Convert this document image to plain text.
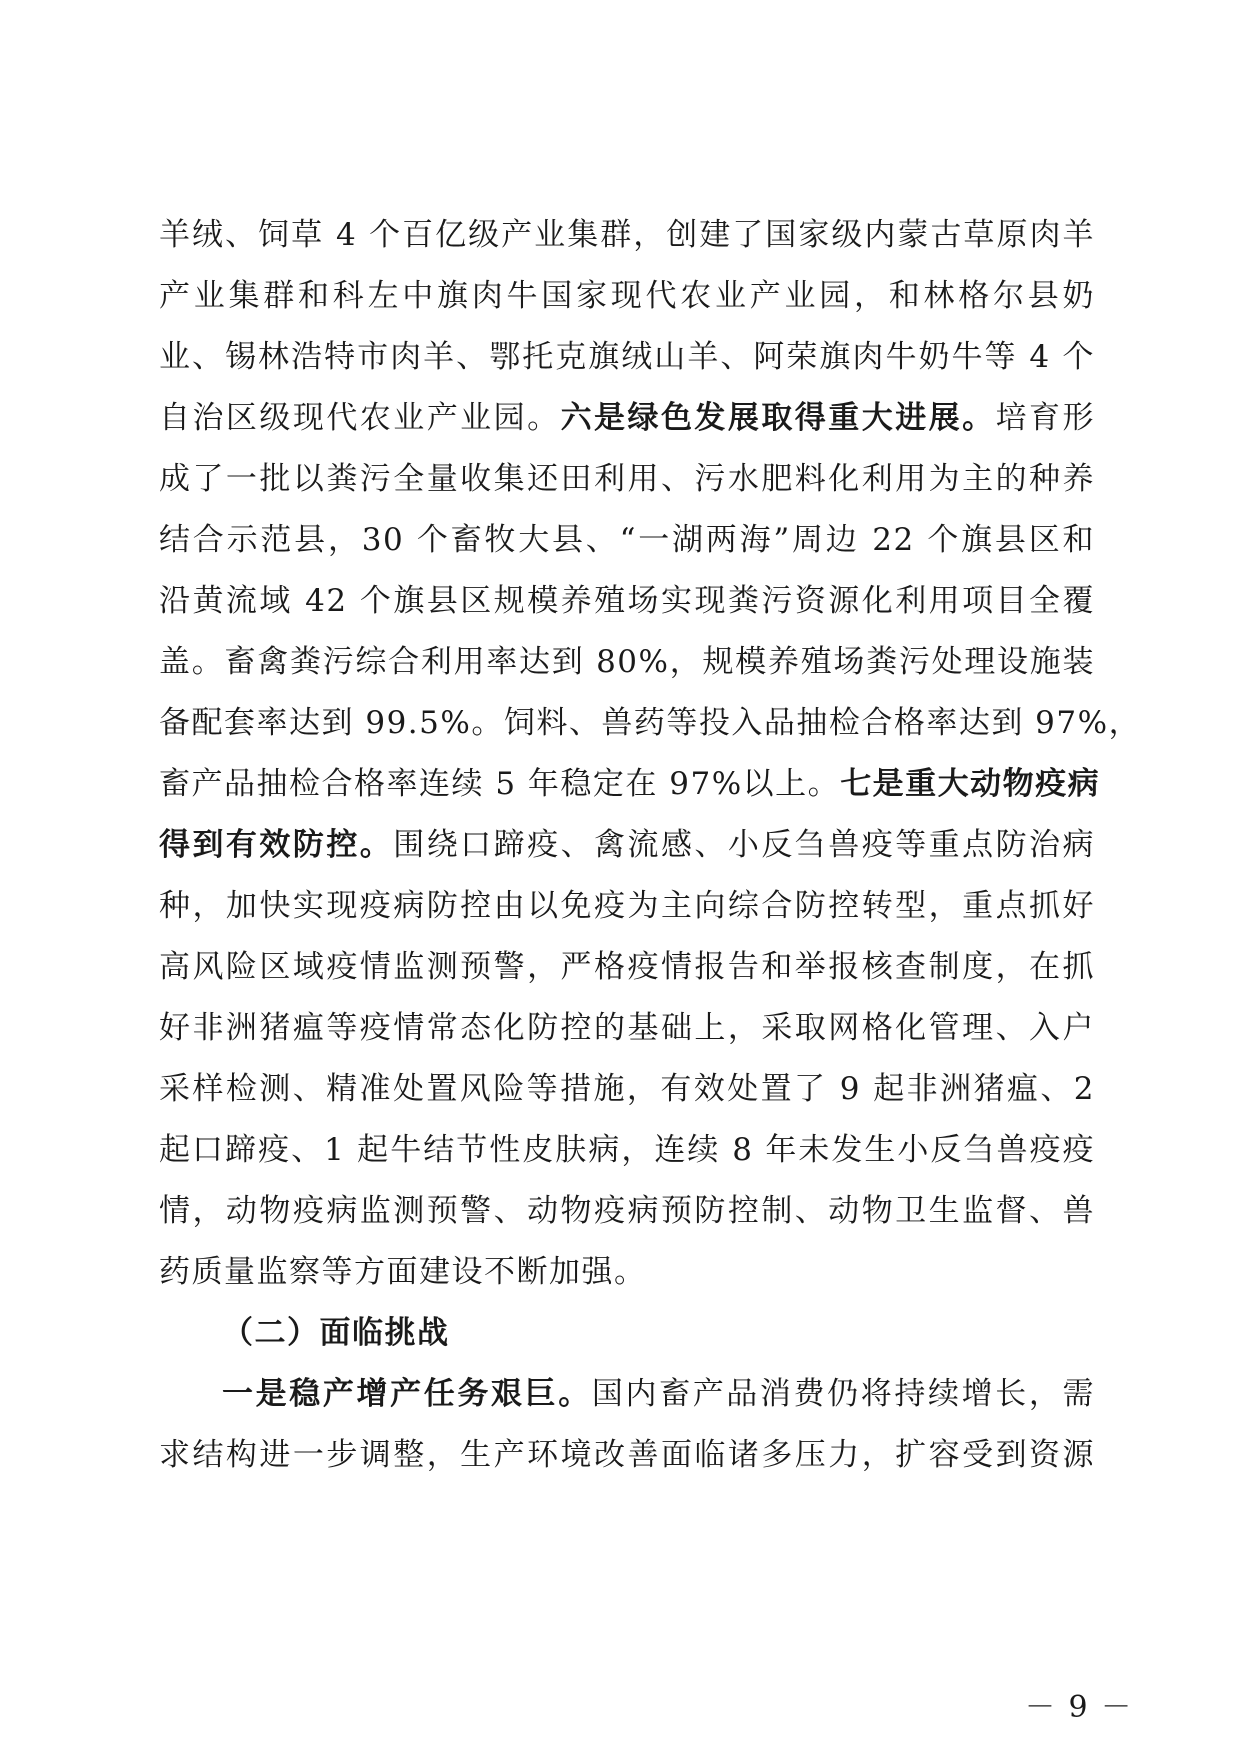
羊绒、饲草 4 个百亿级产业集群，创建了国家级内蒙古草原肉羊
产业集群和科左中旗肉牛国家现代农业产业园，和林格尔县奶
业、锡林浩特市肉羊、鄂托克旗绒山羊、阿荣旗肉牛奶牛等 4 个
自治区级现代农业产业园。六是绿色发展取得重大进展。培育形
成了一批以粪污全量收集还田利用、污水肥料化利用为主的种养
结合示范县，30 个畜牧大县、“一湖两海”周边 22 个旗县区和
沿黄流域 42 个旗县区规模养殖场实现粪污资源化利用项目全覆
盖。畜禽粪污综合利用率达到 80%，规模养殖场粪污处理设施装
备配套率达到 99.5%。饲料、兽药等投入品抽检合格率达到 97%，
畜产品抽检合格率连续 5 年稳定在 97%以上。七是重大动物疫病
得到有效防控。围绕口蹄疫、禽流感、小反刍兽疫等重点防治病
种，加快实现疫病防控由以免疫为主向综合防控转型，重点抓好
高风险区域疫情监测预警，严格疫情报告和举报核查制度，在抓
好非洲猪瘟等疫情常态化防控的基础上，采取网格化管理、入户
采样检测、精准处置风险等措施，有效处置了 9 起非洲猪瘟、2
起口蹄疫、1 起牛结节性皮肤病，连续 8 年未发生小反刍兽疫疫
情，动物疫病监测预警、动物疫病预防控制、动物卫生监督、兽
药质量监察等方面建设不断加强。
（二）面临挑战
一是稳产增产任务艰巨。国内畜产品消费仍将持续增长，需
求结构进一步调整，生产环境改善面临诸多压力，扩容受到资源
－ 9 －
